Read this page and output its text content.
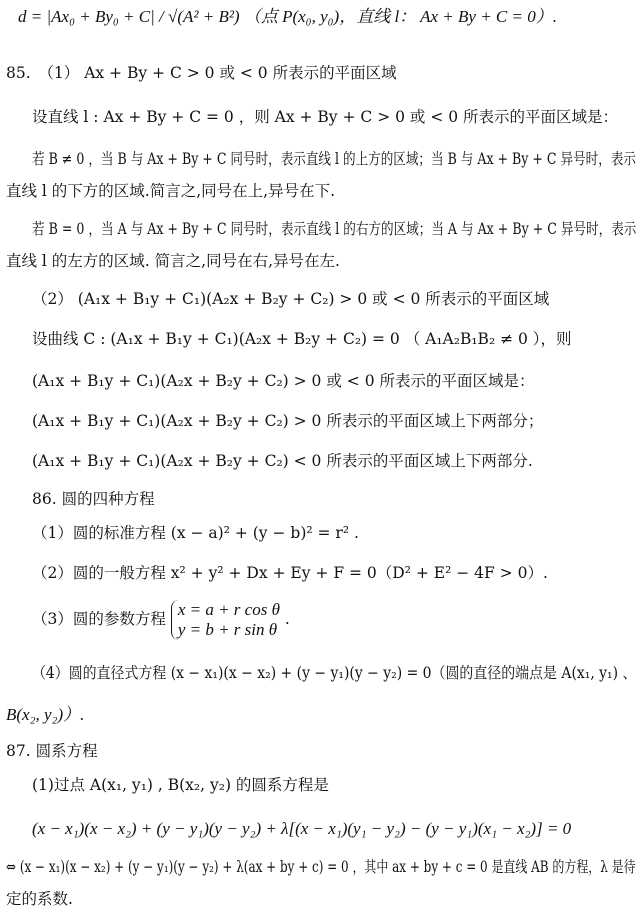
d = |Ax₀ + By₀ + C| / √(A² + B²) （点 P(x₀, y₀)，直线 l： Ax + By + C = 0）.
85.　（1） Ax + By + C > 0 或 < 0 所表示的平面区域
设直线 l : Ax + By + C = 0 ，则 Ax + By + C > 0 或 < 0 所表示的平面区域是：
若 B ≠ 0 ，当 B 与 Ax + By + C 同号时，表示直线 l 的上方的区域；当 B 与 Ax + By + C 异号时，表示
直线 l 的下方的区域.简言之,同号在上,异号在下.
若 B = 0 ，当 A 与 Ax + By + C 同号时，表示直线 l 的右方的区域；当 A 与 Ax + By + C 异号时，表示
直线 l 的左方的区域. 简言之,同号在右,异号在左.
（2） (A₁x + B₁y + C₁)(A₂x + B₂y + C₂) > 0 或 < 0 所表示的平面区域
设曲线 C : (A₁x + B₁y + C₁)(A₂x + B₂y + C₂) = 0 （ A₁A₂B₁B₂ ≠ 0 ），则
(A₁x + B₁y + C₁)(A₂x + B₂y + C₂) > 0 或 < 0 所表示的平面区域是：
(A₁x + B₁y + C₁)(A₂x + B₂y + C₂) > 0 所表示的平面区域上下两部分；
(A₁x + B₁y + C₁)(A₂x + B₂y + C₂) < 0 所表示的平面区域上下两部分.
86. 圆的四种方程
（1）圆的标准方程 (x − a)² + (y − b)² = r² .
（2）圆的一般方程 x² + y² + Dx + Ey + F = 0（D² + E² − 4F > 0）.
（3）圆的参数方程 x = a + r cos θ
y = b + r sin θ
.
（4）圆的直径式方程 (x − x₁)(x − x₂) + (y − y₁)(y − y₂) = 0（圆的直径的端点是 A(x₁, y₁) 、
B(x₂, y₂)）.
87. 圆系方程
(1)过点 A(x₁, y₁) , B(x₂, y₂) 的圆系方程是
(x − x₁)(x − x₂) + (y − y₁)(y − y₂) + λ[(x − x₁)(y₁ − y₂) − (y − y₁)(x₁ − x₂)] = 0
⇔ (x − x₁)(x − x₂) + (y − y₁)(y − y₂) + λ(ax + by + c) = 0 ，其中 ax + by + c = 0 是直线 AB 的方程，λ 是待
定的系数.
